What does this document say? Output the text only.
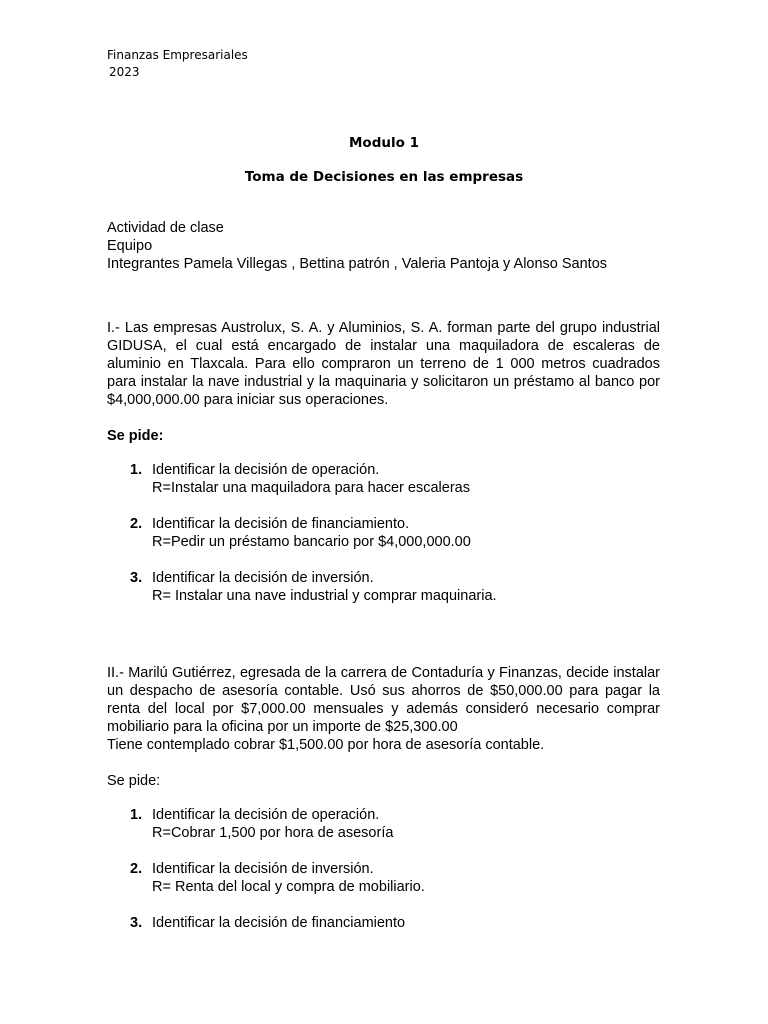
Finanzas Empresariales
2023
Modulo 1
Toma de Decisiones en las empresas
Actividad de clase
Equipo
Integrantes Pamela Villegas , Bettina patrón , Valeria Pantoja y Alonso Santos
I.- Las empresas Austrolux, S. A. y Aluminios, S. A. forman parte del grupo industrial GIDUSA, el cual está encargado de instalar una maquiladora de escaleras de aluminio en Tlaxcala. Para ello compraron un terreno de 1 000 metros cuadrados para instalar la nave industrial y la maquinaria y solicitaron un préstamo al banco por $4,000,000.00 para iniciar sus operaciones.
Se pide:
1. Identificar la decisión de operación.
R=Instalar una maquiladora para hacer escaleras
2. Identificar la decisión de financiamiento.
R=Pedir un préstamo bancario por $4,000,000.00
3. Identificar la decisión de inversión.
R= Instalar una nave industrial y comprar maquinaria.
II.- Marilú Gutiérrez, egresada de la carrera de Contaduría y Finanzas, decide instalar un despacho de asesoría contable. Usó sus ahorros de $50,000.00 para pagar la renta del local por $7,000.00 mensuales y además consideró necesario comprar mobiliario para la oficina por un importe de $25,300.00
Tiene contemplado cobrar $1,500.00 por hora de asesoría contable.
Se pide:
1. Identificar la decisión de operación.
R=Cobrar 1,500 por hora de asesoría
2. Identificar la decisión de inversión.
R= Renta del local y compra de mobiliario.
3. Identificar la decisión de financiamiento
